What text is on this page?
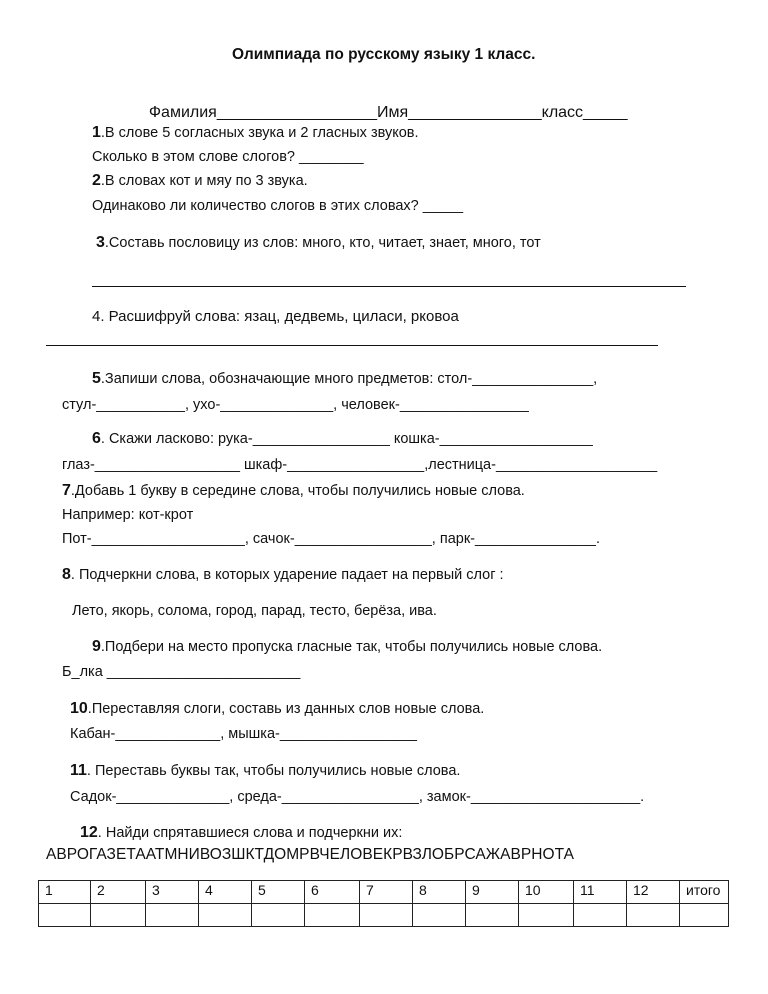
Олимпиада по русскому языку 1 класс.

Фамилия__________________Имя_______________класс_____

1.В слове 5 согласных звука и 2 гласных звуков.
Сколько в этом слове слогов? ________
2.В словах кот и мяу по 3 звука.
Одинаково ли количество слогов в этих словах? _____
3.Составь пословицу из слов: много, кто, читает, знает, много, тот
4. Расшифруй слова: язац, дедвемь, циласи, рковоа
5.Запиши слова, обозначающие много предметов: стол-_______________,
стул-___________, ухо-______________, человек-________________
6. Скажи ласково: рука-_________________ кошка-___________________
глаз-__________________ шкаф-_________________,лестница-____________________
7.Добавь 1 букву в середине слова, чтобы получились новые слова.
Например: кот-крот
Пот-___________________, сачок-_________________, парк-_______________.
8. Подчеркни слова, в которых ударение падает на первый слог :
Лето, якорь, солома, город, парад, тесто, берёза, ива.
9.Подбери на место пропуска гласные так, чтобы получились новые слова.
Б_лка ________________________
10.Переставляя слоги, составь из данных слов новые слова.
Кабан-_____________, мышка-_________________
11. Переставь буквы так, чтобы получились новые слова.
Садок-______________, среда-_________________, замок-_____________________.
12. Найди спрятавшиеся слова и подчеркни их:
АВРОГАЗЕТААТМНИВОЗШКТДОМРВЧЕЛОВЕКРВЗЛОБРСАЖАВРНОТА
1	2	3	4	5	6	7	8	9	10	11	12	итого
